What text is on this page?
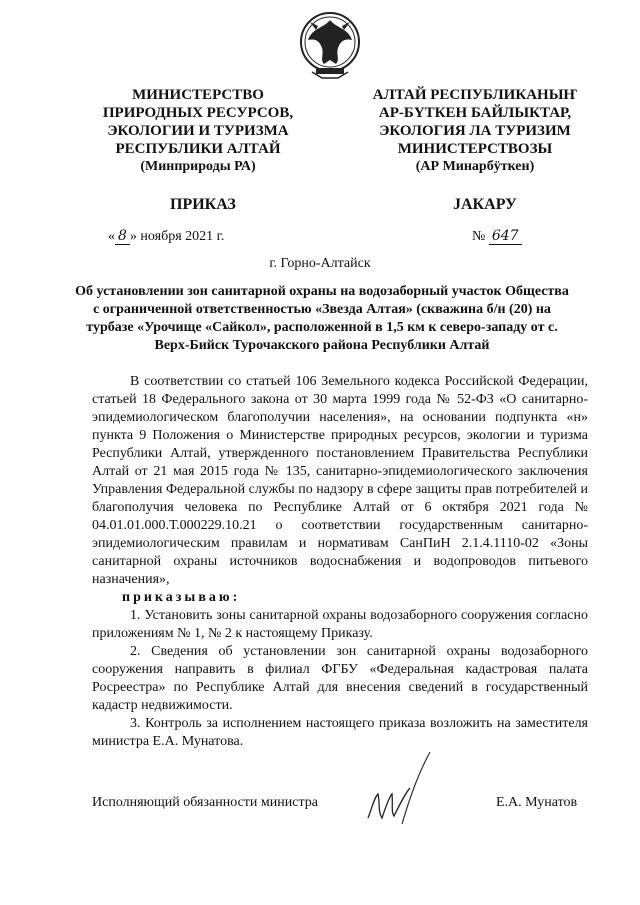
МИНИСТЕРСТВО
ПРИРОДНЫХ РЕСУРСОВ,
ЭКОЛОГИИ И ТУРИЗМА
РЕСПУБЛИКИ АЛТАЙ
(Минприроды РА)
АЛТАЙ РЕСПУБЛИКАНЫҤ
АР-БҮТКЕН БАЙЛЫКТАР,
ЭКОЛОГИЯ ЛА ТУРИЗИМ
МИНИСТЕРСТВОЗЫ
(АР Минарбӱткен)
ПРИКАЗ	JАКАРУ
« 8 » ноября 2021 г.	№ 647
г. Горно-Алтайск
Об установлении зон санитарной охраны на водозаборный участок Общества с ограниченной ответственностью «Звезда Алтая» (скважина б/н (20) на турбазе «Урочище «Сайкол», расположенной в 1,5 км к северо-западу от с. Верх-Бийск Турочакского района Республики Алтай

В соответствии со статьей 106 Земельного кодекса Российской Федерации, статьей 18 Федерального закона от 30 марта 1999 года № 52-ФЗ «О санитарно-эпидемиологическом благополучии населения», на основании подпункта «н» пункта 9 Положения о Министерстве природных ресурсов, экологии и туризма Республики Алтай, утвержденного постановлением Правительства Республики Алтай от 21 мая 2015 года № 135, санитарно-эпидемиологического заключения Управления Федеральной службы по надзору в сфере защиты прав потребителей и благополучия человека по Республике Алтай от 6 октября 2021 года № 04.01.01.000.Т.000229.10.21 о соответствии государственным санитарно-эпидемиологическим правилам и нормативам СанПиН 2.1.4.1110-02 «Зоны санитарной охраны источников водоснабжения и водопроводов питьевого назначения»,

приказываю:

1. Установить зоны санитарной охраны водозаборного сооружения согласно приложениям № 1, № 2 к настоящему Приказу.

2. Сведения об установлении зон санитарной охраны водозаборного сооружения направить в филиал ФГБУ «Федеральная кадастровая палата Росреестра» по Республике Алтай для внесения сведений в государственный кадастр недвижимости.

3. Контроль за исполнением настоящего приказа возложить на заместителя министра Е.А. Мунатова.

Исполняющий обязанности министра	Е.А. Мунатов
